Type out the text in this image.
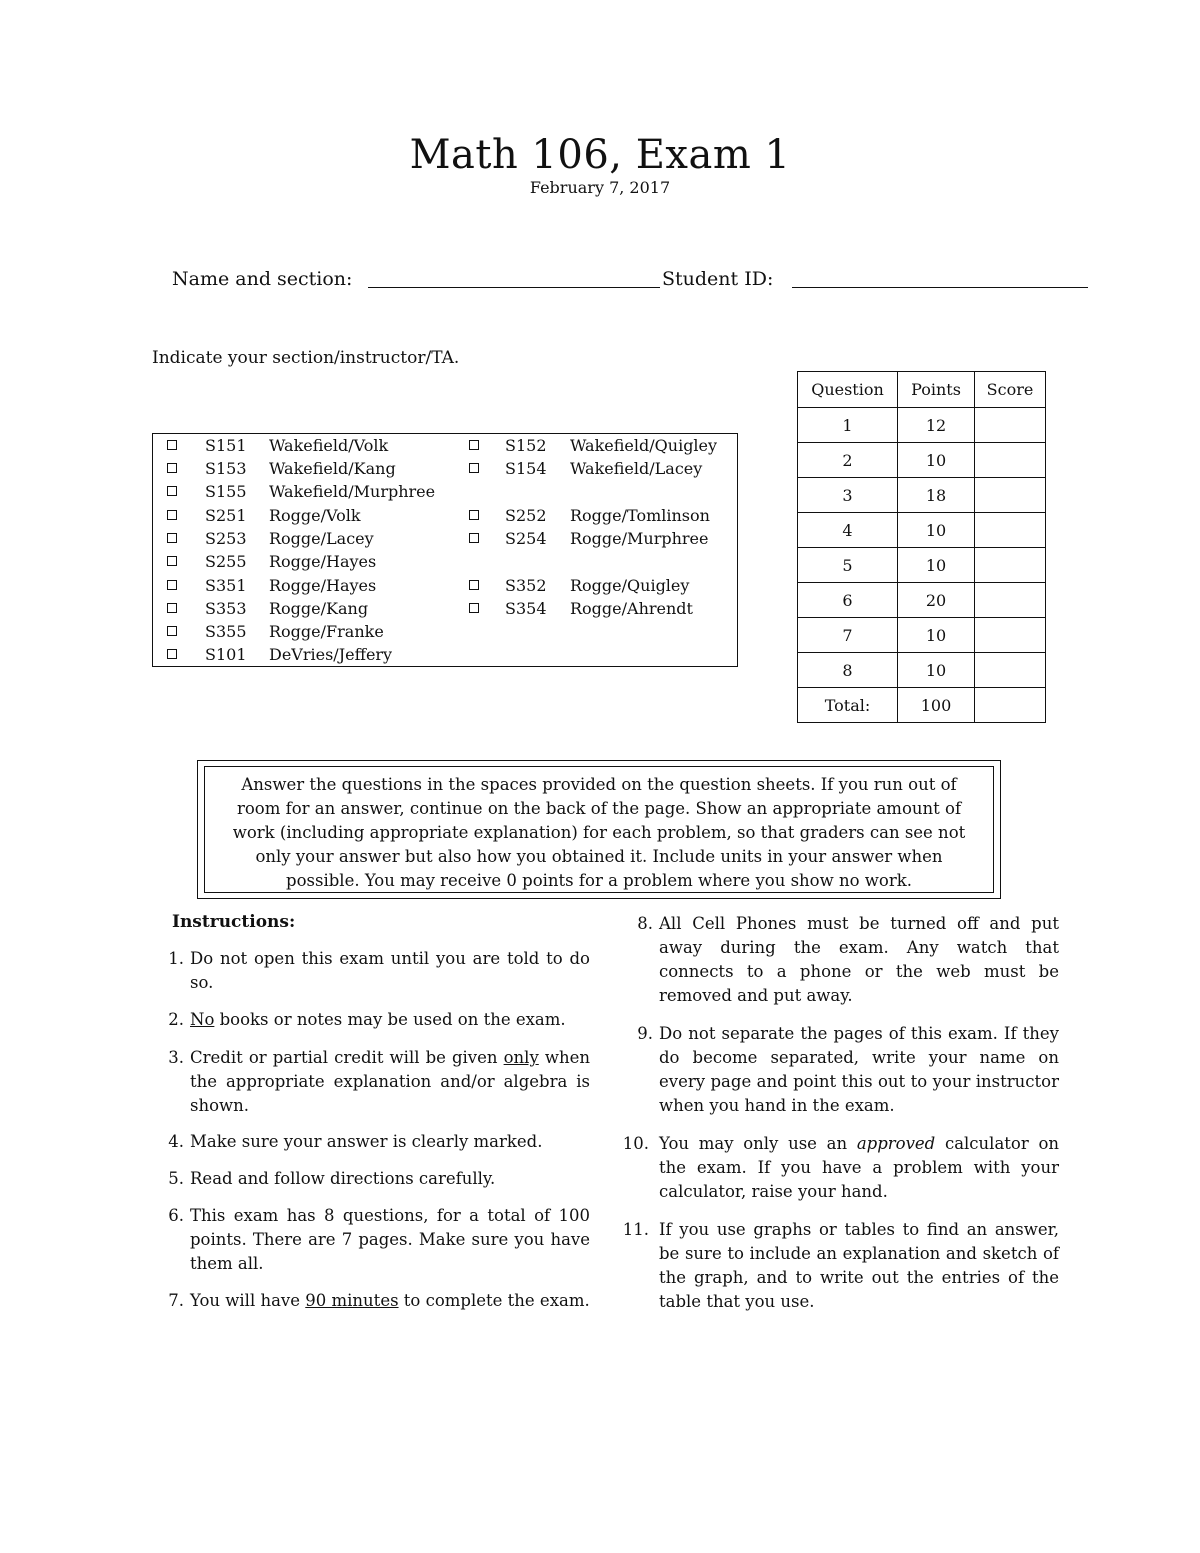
Math 106, Exam 1
February 7, 2017
Name and section:	Student ID:
Indicate your section/instructor/TA.
S151 Wakefield/Volk	S152 Wakefield/Quigley
S153 Wakefield/Kang	S154 Wakefield/Lacey
S155 Wakefield/Murphree
S251 Rogge/Volk	S252 Rogge/Tomlinson
S253 Rogge/Lacey	S254 Rogge/Murphree
S255 Rogge/Hayes
S351 Rogge/Hayes	S352 Rogge/Quigley
S353 Rogge/Kang	S354 Rogge/Ahrendt
S355 Rogge/Franke
S101 DeVries/Jeffery
Question	Points	Score
1	12	
2	10	
3	18	
4	10	
5	10	
6	20	
7	10	
8	10	
Total:	100	
Answer the questions in the spaces provided on the question sheets. If you run out of room for an answer, continue on the back of the page. Show an appropriate amount of work (including appropriate explanation) for each problem, so that graders can see not only your answer but also how you obtained it. Include units in your answer when possible. You may receive 0 points for a problem where you show no work.
Instructions:
1. Do not open this exam until you are told to do so.
2. No books or notes may be used on the exam.
3. Credit or partial credit will be given only when the appropriate explanation and/or algebra is shown.
4. Make sure your answer is clearly marked.
5. Read and follow directions carefully.
6. This exam has 8 questions, for a total of 100 points. There are 7 pages. Make sure you have them all.
7. You will have 90 minutes to complete the exam.
8. All Cell Phones must be turned off and put away during the exam. Any watch that connects to a phone or the web must be removed and put away.
9. Do not separate the pages of this exam. If they do become separated, write your name on every page and point this out to your instructor when you hand in the exam.
10. You may only use an approved calculator on the exam. If you have a problem with your calculator, raise your hand.
11. If you use graphs or tables to find an answer, be sure to include an explanation and sketch of the graph, and to write out the entries of the table that you use.
